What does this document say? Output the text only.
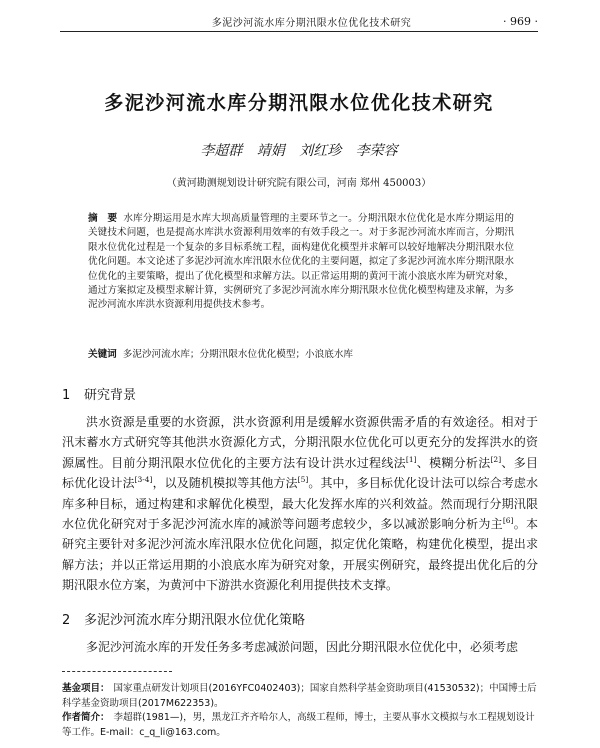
多泥沙河流水库分期汛限水位优化技术研究	· 969 ·
多泥沙河流水库分期汛限水位优化技术研究
李超群 靖娟 刘红珍 李荣容
（黄河勘测规划设计研究院有限公司，河南 郑州 450003）
摘　要 水库分期运用是水库大坝高质量管理的主要环节之一。分期汛限水位优化是水库分期运用的关键技术问题，也是提高水库洪水资源利用效率的有效手段之一。对于多泥沙河流水库而言，分期汛限水位优化过程是一个复杂的多目标系统工程，面构建优化模型并求解可以较好地解决分期汛限水位优化问题。本文论述了多泥沙河流水库汛限水位优化的主要问题，拟定了多泥沙河流水库分期汛限水位优化的主要策略，提出了优化模型和求解方法。以正常运用期的黄河干流小浪底水库为研究对象，通过方案拟定及模型求解计算，实例研究了多泥沙河流水库分期汛限水位优化模型构建及求解，为多泥沙河流水库洪水资源利用提供技术参考。
关键词 多泥沙河流水库；分期汛限水位优化模型；小浪底水库
1 研究背景

洪水资源是重要的水资源，洪水资源利用是缓解水资源供需矛盾的有效途径。相对于汛末蓄水方式研究等其他洪水资源化方式，分期汛限水位优化可以更充分的发挥洪水的资源属性。目前分期汛限水位优化的主要方法有设计洪水过程线法[1]、模糊分析法[2]、多目标优化设计法[3-4]，以及随机模拟等其他方法[5]。其中，多目标优化设计法可以综合考虑水库多种目标，通过构建和求解优化模型，最大化发挥水库的兴利效益。然而现行分期汛限水位优化研究对于多泥沙河流水库的减淤等问题考虑较少，多以减淤影响分析为主[6]。本研究主要针对多泥沙河流水库汛限水位优化问题，拟定优化策略，构建优化模型，提出求解方法；并以正常运用期的小浪底水库为研究对象，开展实例研究，最终提出优化后的分期汛限水位方案，为黄河中下游洪水资源化利用提供技术支撑。

2 多泥沙河流水库分期汛限水位优化策略

多泥沙河流水库的开发任务多考虑减淤问题，因此分期汛限水位优化中，必须考虑

基金项目： 国家重点研发计划项目(2016YFC0402403)；国家自然科学基金资助项目(41530532)；中国博士后科学基金资助项目(2017M622353)。
作者简介： 李超群(1981—)，男，黑龙江齐齐哈尔人，高级工程师，博士，主要从事水文模拟与水工程规划设计等工作。E-mail：c_q_li@163.com。
